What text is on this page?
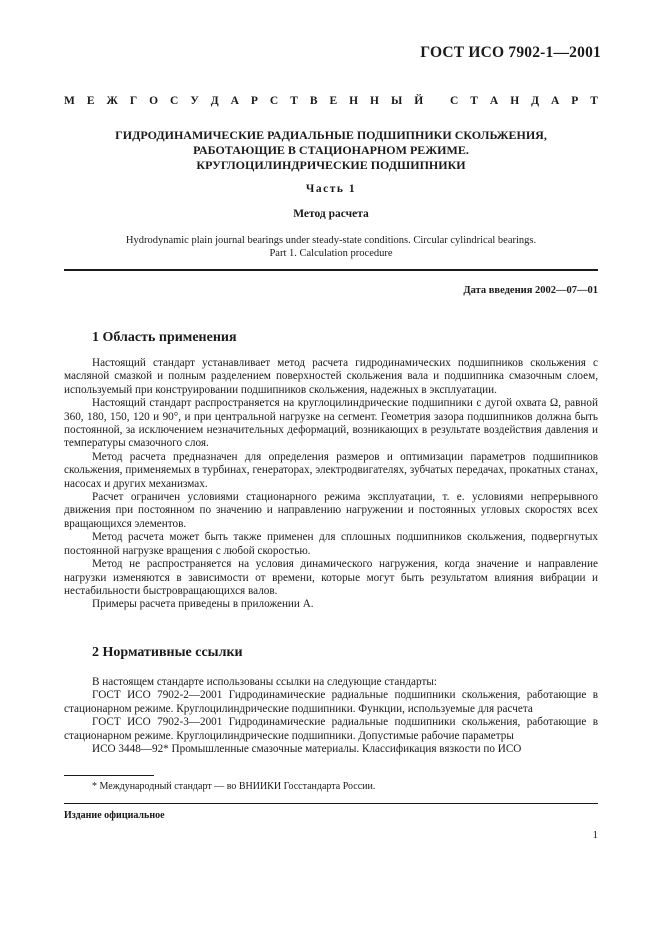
ГОСТ ИСО 7902-1—2001
М Е Ж Г О С У Д А Р С Т В Е Н Н Ы Й
С Т А Н Д А Р Т
ГИДРОДИНАМИЧЕСКИЕ РАДИАЛЬНЫЕ ПОДШИПНИКИ СКОЛЬЖЕНИЯ,
РАБОТАЮЩИЕ В СТАЦИОНАРНОМ РЕЖИМЕ.
КРУГЛОЦИЛИНДРИЧЕСКИЕ ПОДШИПНИКИ
Часть 1
Метод расчета
Hydrodynamic plain journal bearings under steady-state conditions. Circular cylindrical bearings.
Part 1. Calculation procedure
Дата введения 2002—07—01
1 Область применения

Настоящий стандарт устанавливает метод расчета гидродинамических подшипников скольжения с масляной смазкой и полным разделением поверхностей скольжения вала и подшипника смазочным слоем, используемый при конструировании подшипников скольжения, надежных в эксплуатации.

Настоящий стандарт распространяется на круглоцилиндрические подшипники с дугой охвата Ω, равной 360, 180, 150, 120 и 90°, и при центральной нагрузке на сегмент. Геометрия зазора подшипников должна быть постоянной, за исключением незначительных деформаций, возникающих в результате воздействия давления и температуры смазочного слоя.

Метод расчета предназначен для определения размеров и оптимизации параметров подшипников скольжения, применяемых в турбинах, генераторах, электродвигателях, зубчатых передачах, прокатных станах, насосах и других механизмах.

Расчет ограничен условиями стационарного режима эксплуатации, т. е. условиями непрерывного движения при постоянном по значению и направлению нагружении и постоянных угловых скоростях всех вращающихся элементов.

Метод расчета может быть также применен для сплошных подшипников скольжения, подвергнутых постоянной нагрузке вращения с любой скоростью.

Метод не распространяется на условия динамического нагружения, когда значение и направление нагрузки изменяются в зависимости от времени, которые могут быть результатом влияния вибрации и нестабильности быстровращающихся валов.

Примеры расчета приведены в приложении А.

2 Нормативные ссылки

В настоящем стандарте использованы ссылки на следующие стандарты:

ГОСТ ИСО 7902-2—2001 Гидродинамические радиальные подшипники скольжения, работающие в стационарном режиме. Круглоцилиндрические подшипники. Функции, используемые для расчета

ГОСТ ИСО 7902-3—2001 Гидродинамические радиальные подшипники скольжения, работающие в стационарном режиме. Круглоцилиндрические подшипники. Допустимые рабочие параметры

ИСО 3448—92* Промышленные смазочные материалы. Классификация вязкости по ИСО

* Международный стандарт — во ВНИИКИ Госстандарта России.
Издание официальное
1
